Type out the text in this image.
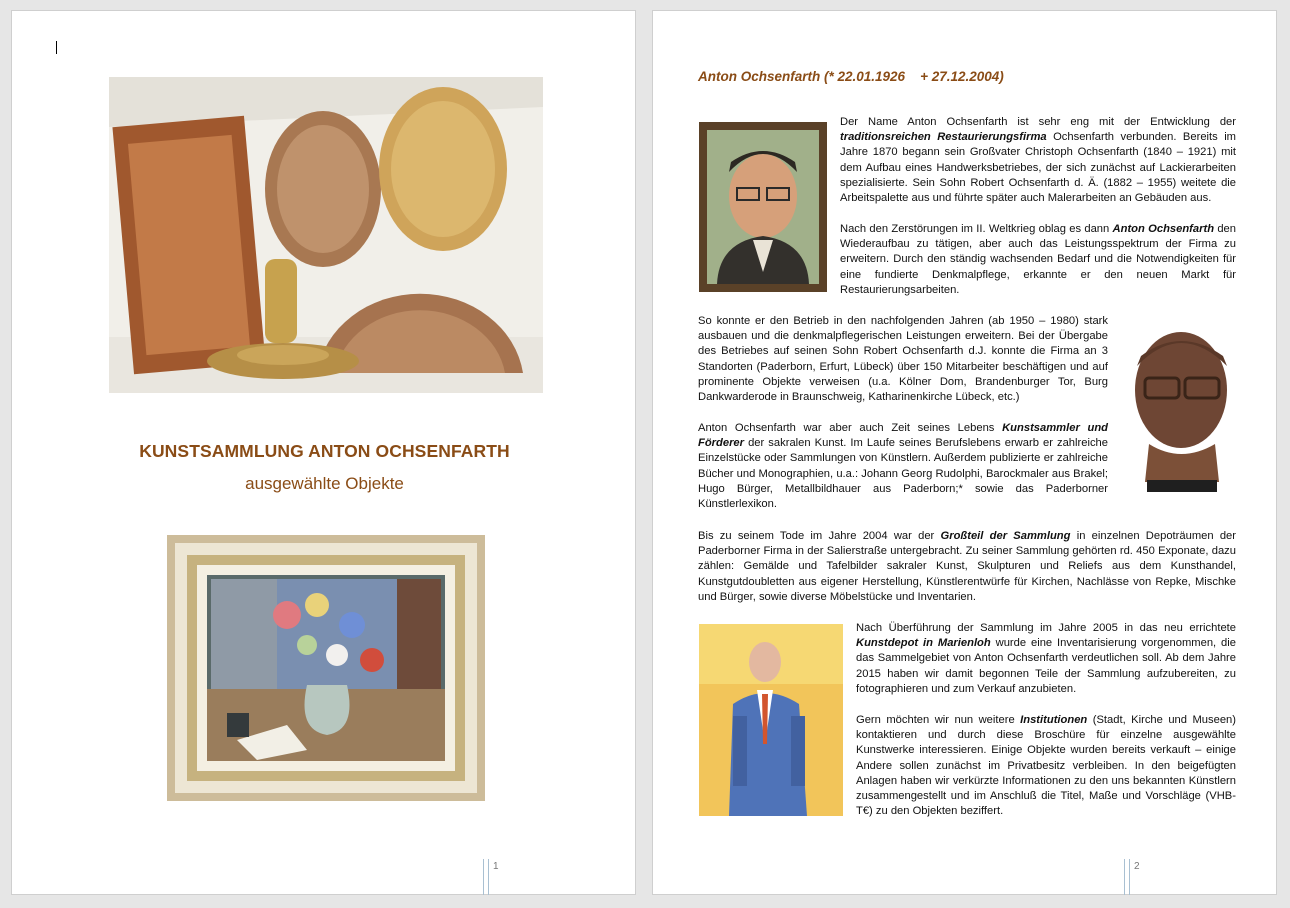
KUNSTSAMMLUNG ANTON OCHSENFARTH
ausgewählte Objekte
1
Anton Ochsenfarth (* 22.01.1926    + 27.12.2004)

Der Name Anton Ochsenfarth ist sehr eng mit der Entwicklung der traditionsreichen Restaurierungsfirma Ochsenfarth verbunden. Bereits im Jahre 1870 begann sein Großvater Christoph Ochsenfarth (1840 – 1921) mit dem Aufbau eines Handwerksbetriebes, der sich zunächst auf Lackierarbeiten spezialisierte. Sein Sohn Robert Ochsenfarth d. Ä. (1882 – 1955) weitete die Arbeitspalette aus und führte später auch Malerarbeiten an Gebäuden aus.

Nach den Zerstörungen im II. Weltkrieg oblag es dann Anton Ochsenfarth den Wiederaufbau zu tätigen, aber auch das Leistungsspektrum der Firma zu erweitern. Durch den ständig wachsenden Bedarf und die Notwendigkeiten für eine fundierte Denkmalpflege, erkannte er den neuen Markt für Restaurierungsarbeiten.

So konnte er den Betrieb in den nachfolgenden Jahren (ab 1950 – 1980) stark ausbauen und die denkmalpflegerischen Leistungen erweitern. Bei der Übergabe des Betriebes auf seinen Sohn Robert Ochsenfarth d.J. konnte die Firma an 3 Standorten (Paderborn, Erfurt, Lübeck) über 150 Mitarbeiter beschäftigen und auf prominente Objekte verweisen (u.a. Kölner Dom, Brandenburger Tor, Burg Dankwarderode in Braunschweig, Katharinenkirche Lübeck, etc.)

Anton Ochsenfarth war aber auch Zeit seines Lebens Kunstsammler und Förderer der sakralen Kunst. Im Laufe seines Berufslebens erwarb er zahlreiche Einzelstücke oder Sammlungen von Künstlern. Außerdem publizierte er zahlreiche Bücher und Monographien, u.a.: Johann Georg Rudolphi, Barockmaler aus Brakel; Hugo Bürger, Metallbildhauer aus Paderborn;* sowie das Paderborner Künstlerlexikon.

Bis zu seinem Tode im Jahre 2004 war der Großteil der Sammlung in einzelnen Depoträumen der Paderborner Firma in der Salierstraße untergebracht. Zu seiner Sammlung gehörten rd. 450 Exponate, dazu zählen: Gemälde und Tafelbilder sakraler Kunst, Skulpturen und Reliefs aus dem Kunsthandel, Kunstgutdoubletten aus eigener Herstellung, Künstlerentwürfe für Kirchen, Nachlässe von Repke, Mischke und Bürger, sowie diverse Möbelstücke und Inventarien.

Nach Überführung der Sammlung im Jahre 2005 in das neu errichtete Kunstdepot in Marienloh wurde eine Inventarisierung vorgenommen, die das Sammelgebiet von Anton Ochsenfarth verdeutlichen soll. Ab dem Jahre 2015 haben wir damit begonnen Teile der Sammlung aufzubereiten, zu fotographieren und zum Verkauf anzubieten.

Gern möchten wir nun weitere Institutionen (Stadt, Kirche und Museen) kontaktieren und durch diese Broschüre für einzelne ausgewählte Kunstwerke interessieren. Einige Objekte wurden bereits verkauft – einige Andere sollen zunächst im Privatbesitz verbleiben. In den beigefügten Anlagen haben wir verkürzte Informationen zu den uns bekannten Künstlern zusammengestellt und im Anschluß die Titel, Maße und Vorschläge (VHB- T€) zu den Objekten beziffert.

2
